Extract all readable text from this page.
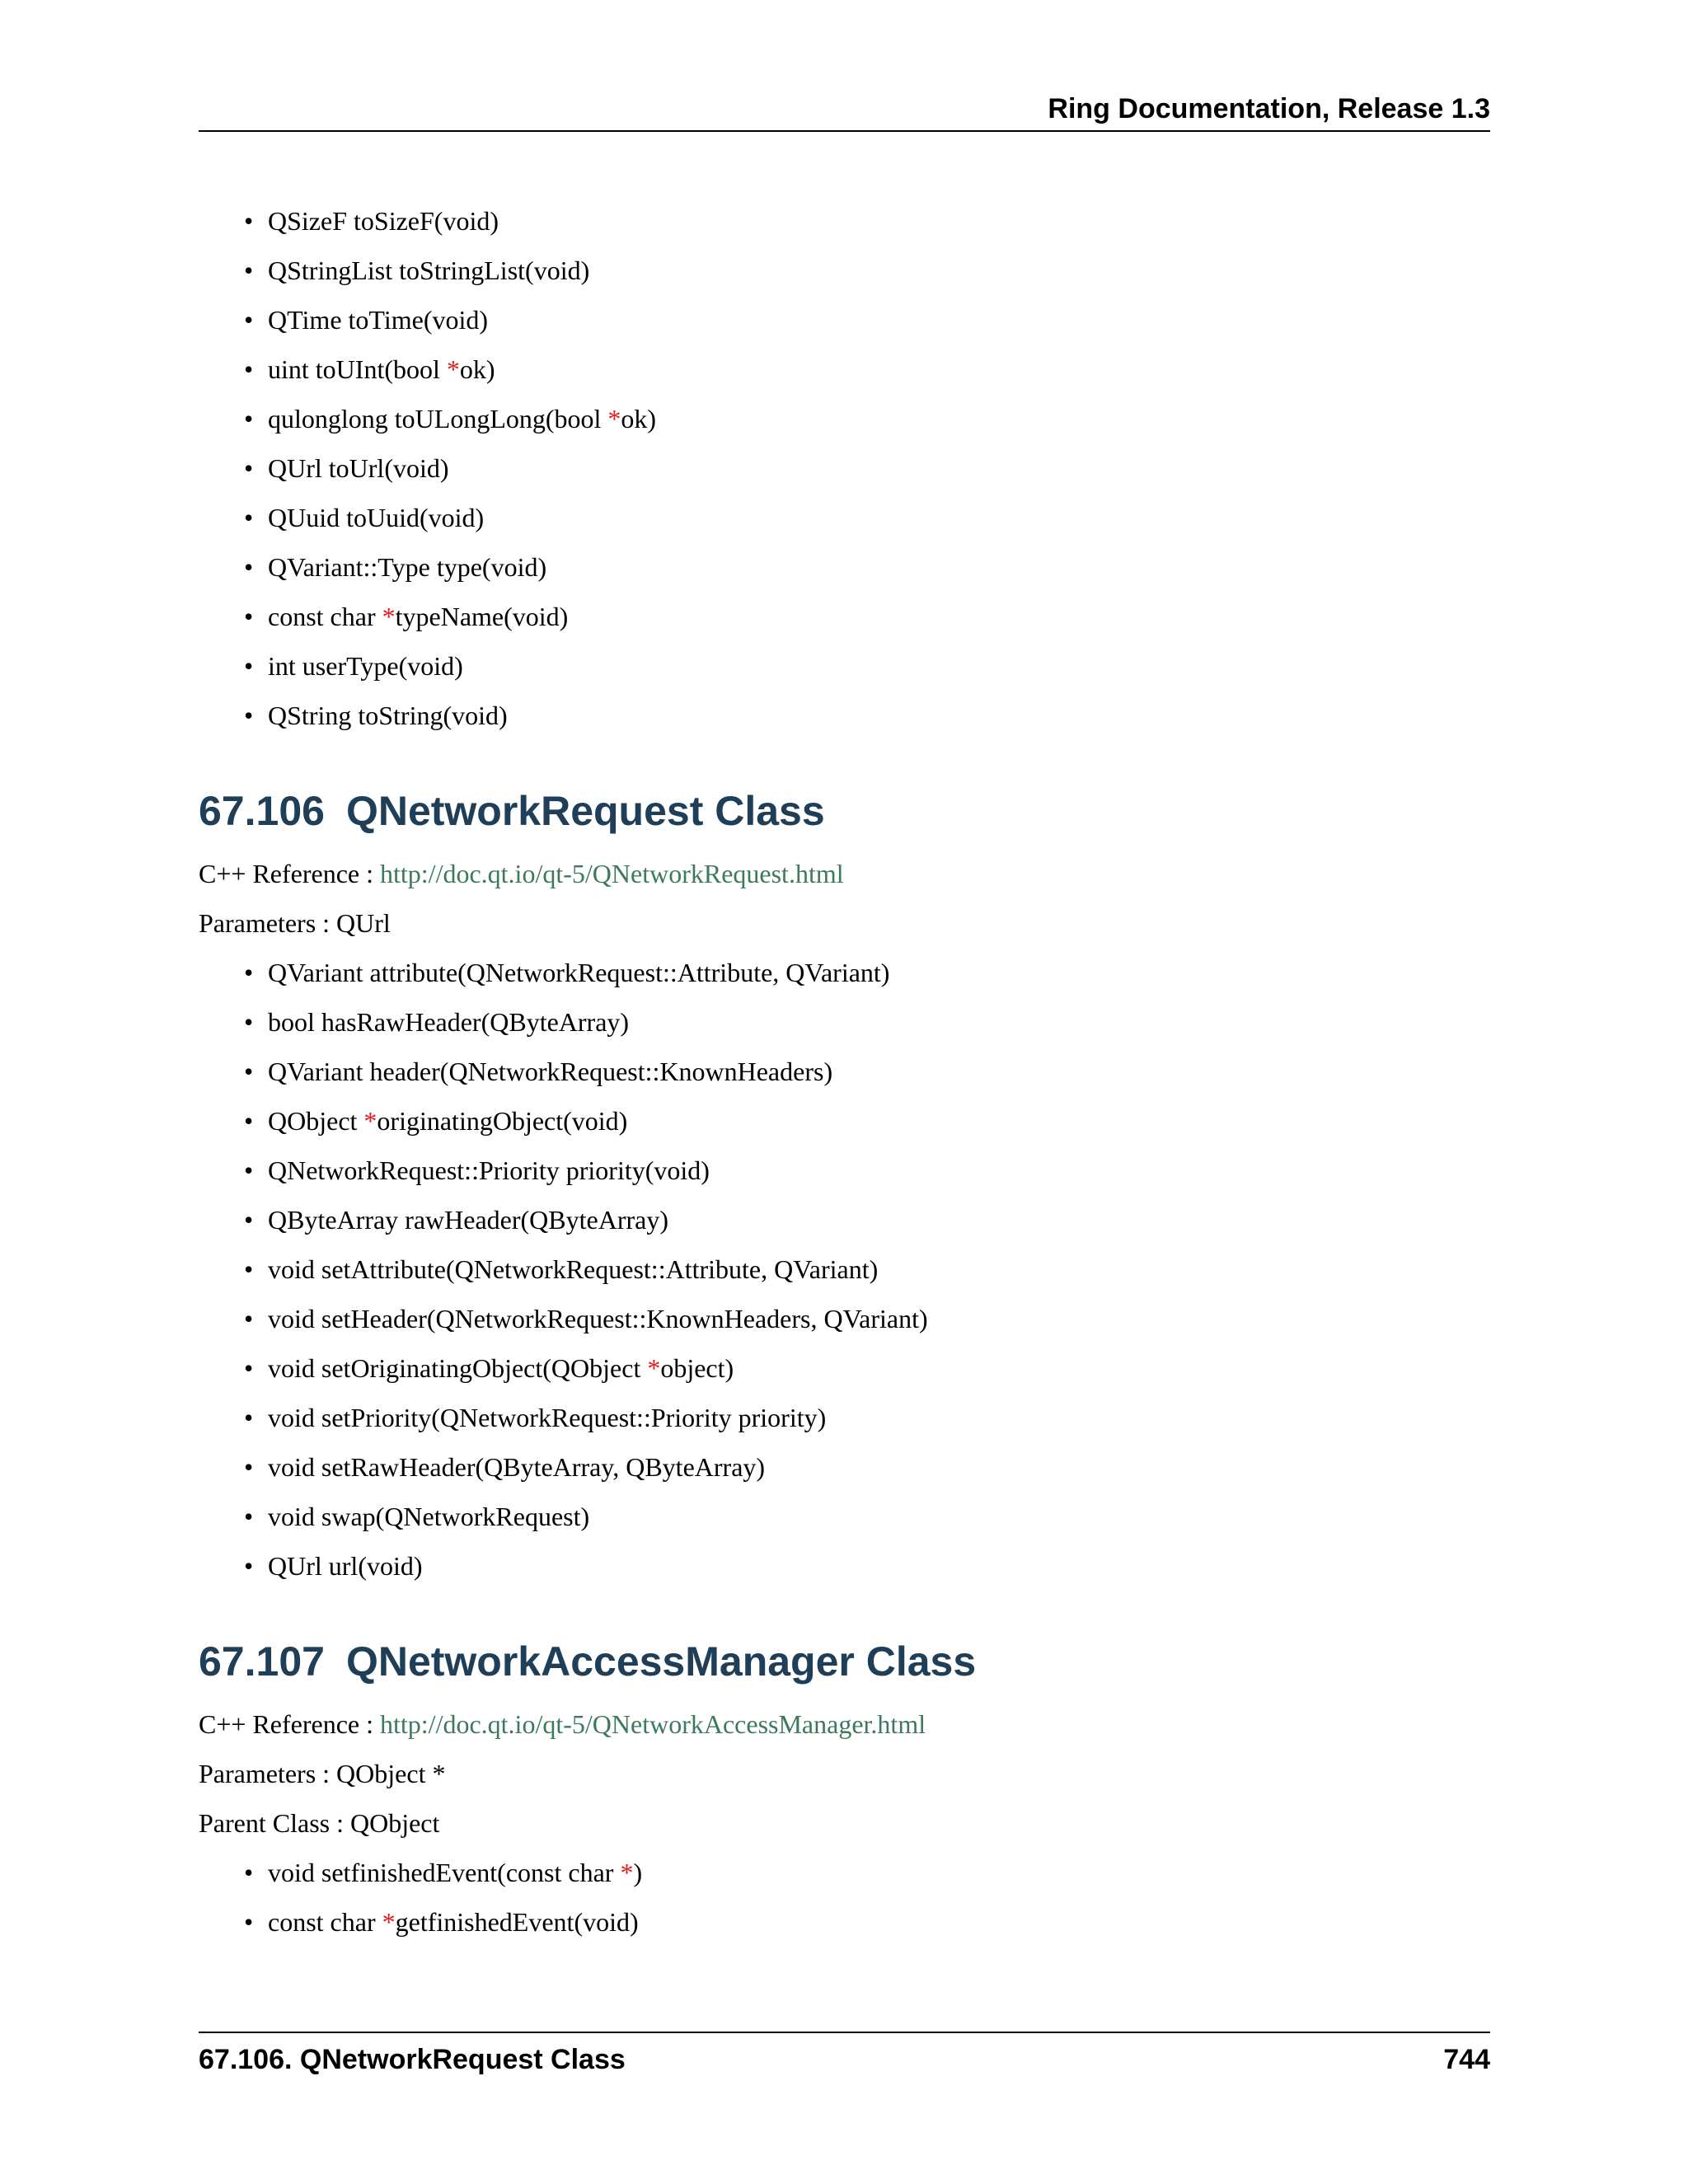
Ring Documentation, Release 1.3
• QSizeF toSizeF(void)
• QStringList toStringList(void)
• QTime toTime(void)
• uint toUInt(bool *ok)
• qulonglong toULongLong(bool *ok)
• QUrl toUrl(void)
• QUuid toUuid(void)
• QVariant::Type type(void)
• const char *typeName(void)
• int userType(void)
• QString toString(void)
67.106 QNetworkRequest Class

C++ Reference : http://doc.qt.io/qt-5/QNetworkRequest.html

Parameters : QUrl

• QVariant attribute(QNetworkRequest::Attribute, QVariant)
• bool hasRawHeader(QByteArray)
• QVariant header(QNetworkRequest::KnownHeaders)
• QObject *originatingObject(void)
• QNetworkRequest::Priority priority(void)
• QByteArray rawHeader(QByteArray)
• void setAttribute(QNetworkRequest::Attribute, QVariant)
• void setHeader(QNetworkRequest::KnownHeaders, QVariant)
• void setOriginatingObject(QObject *object)
• void setPriority(QNetworkRequest::Priority priority)
• void setRawHeader(QByteArray, QByteArray)
• void swap(QNetworkRequest)
• QUrl url(void)
67.107 QNetworkAccessManager Class

C++ Reference : http://doc.qt.io/qt-5/QNetworkAccessManager.html

Parameters : QObject *

Parent Class : QObject

• void setfinishedEvent(const char *)
• const char *getfinishedEvent(void)
67.106. QNetworkRequest Class	744
